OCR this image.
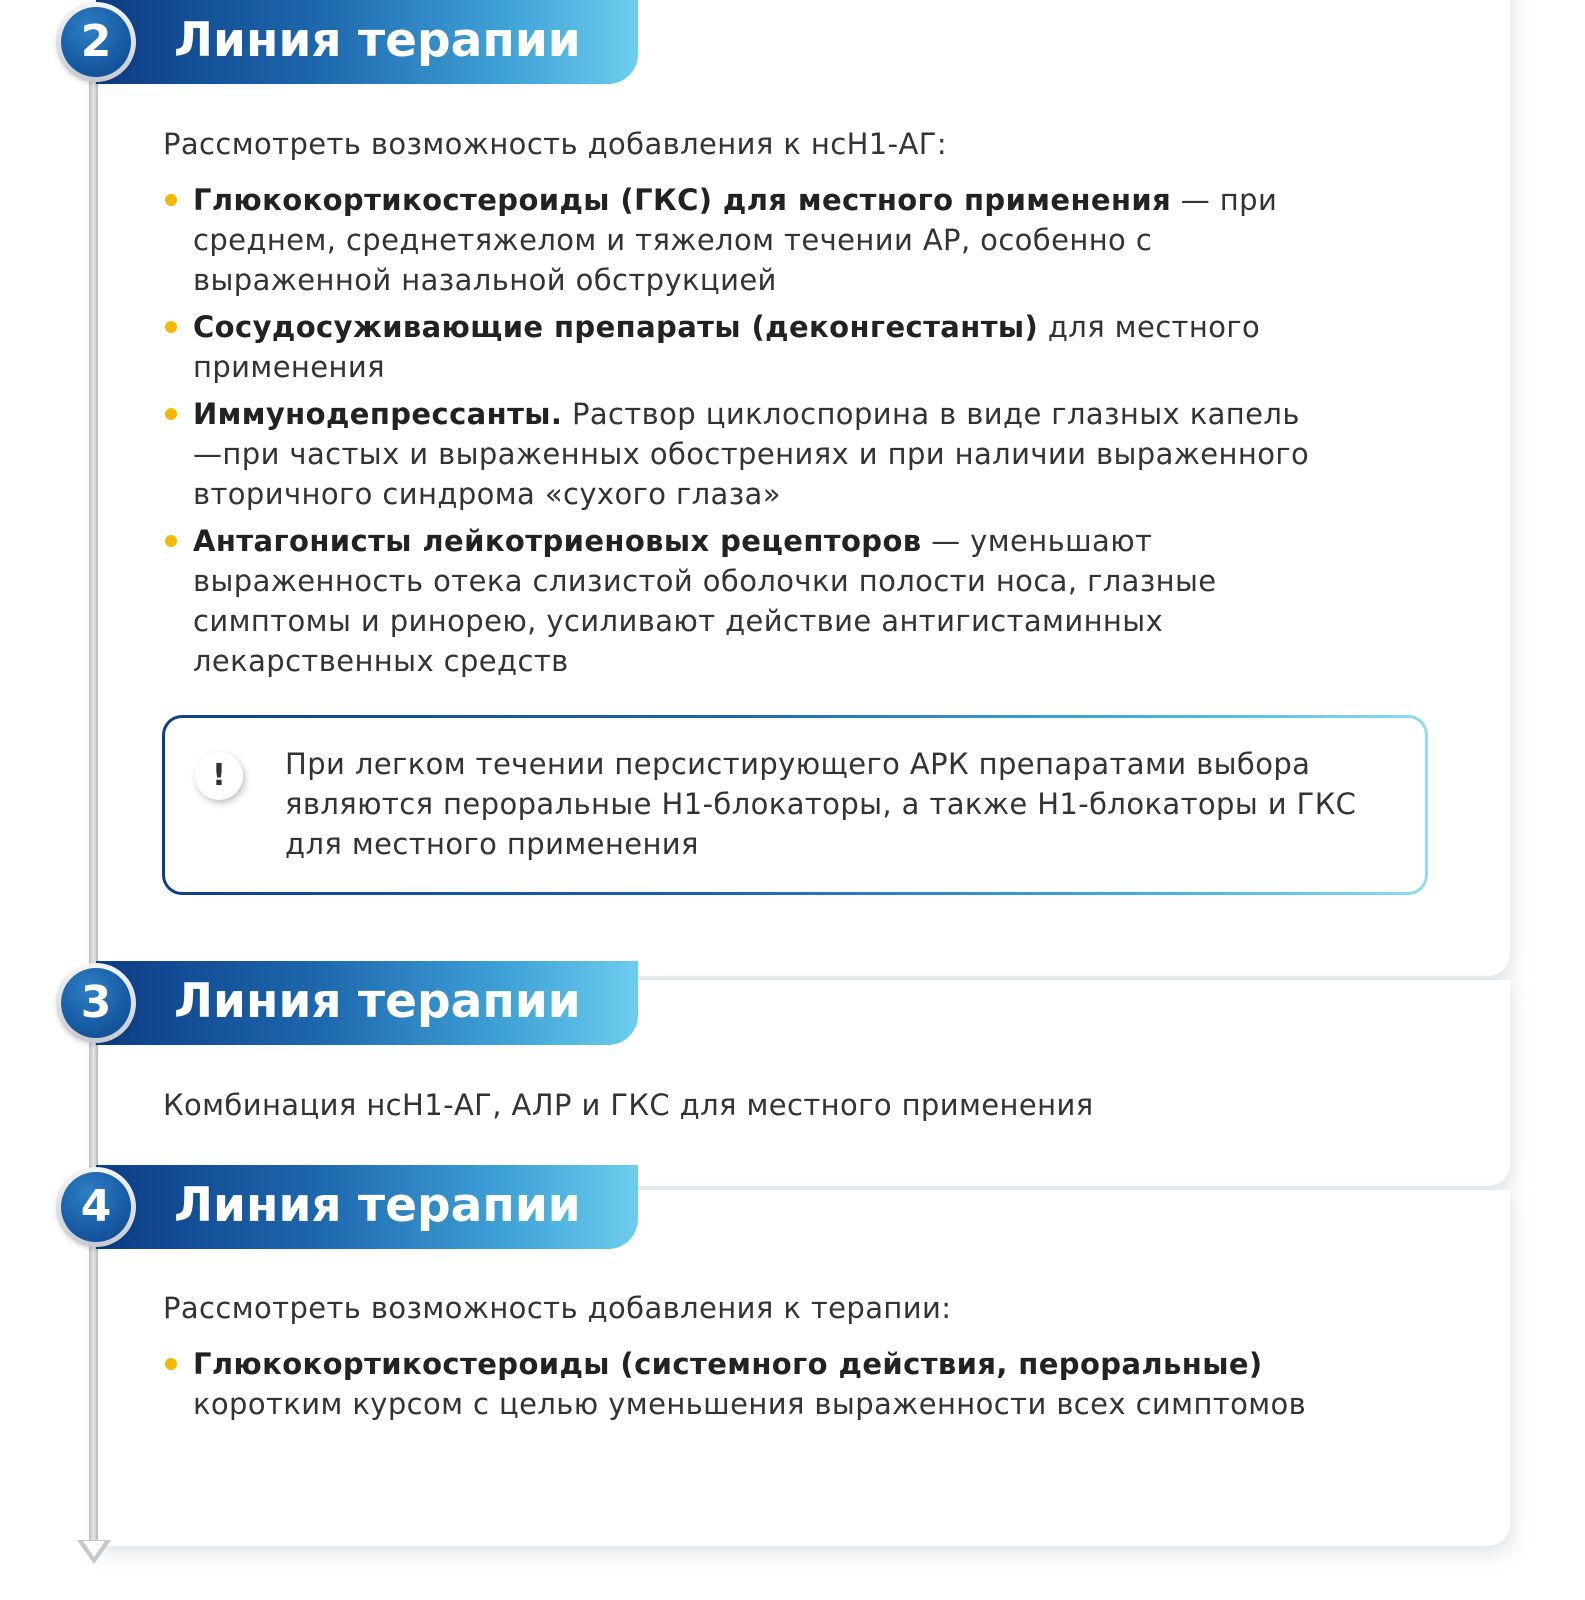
Линия терапии
2
Рассмотреть возможность добавления к нсН1-АГ:
Глюкокортикостероиды (ГКС) для местного применения — при среднем, среднетяжелом и тяжелом течении АР, особенно с выраженной назальной обструкцией
Сосудосуживающие препараты (деконгестанты) для местного применения
Иммунодепрессанты. Раствор циклоспорина в виде глазных капель —при частых и выраженных обострениях и при наличии выраженного вторичного синдрома «сухого глаза»
Антагонисты лейкотриеновых рецепторов — уменьшают выраженность отека слизистой оболочки полости носа, глазные симптомы и ринорею, усиливают действие антигистаминных лекарственных средств
!	При легком течении персистирующего АРК препаратами выбора являются пероральные Н1-блокаторы, а также Н1-блокаторы и ГКС для местного применения
Линия терапии
3
Комбинация нсН1-АГ, АЛР и ГКС для местного применения
Линия терапии
4
Рассмотреть возможность добавления к терапии:
Глюкокортикостероиды (системного действия, пероральные) коротким курсом с целью уменьшения выраженности всех симптомов
